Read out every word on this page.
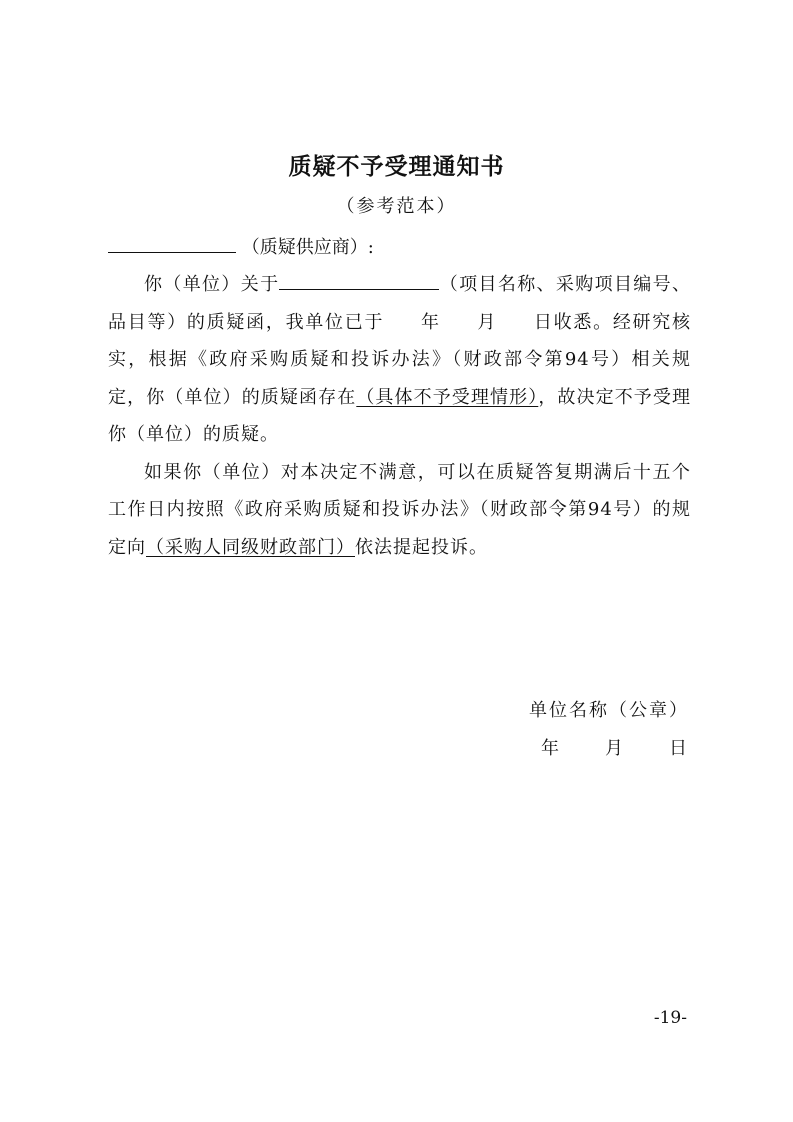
质疑不予受理通知书
（参考范本）
（质疑供应商）:

你（单位）关于	（项目名称、采购项目编号、品目等）的质疑函，我单位已于 年 月 日收悉。经研究核实，根据《政府采购质疑和投诉办法》（财政部令第94号）相关规定，你（单位）的质疑函存在（具体不予受理情形），故决定不予受理你（单位）的质疑。

如果你（单位）对本决定不满意，可以在质疑答复期满后十五个工作日内按照《政府采购质疑和投诉办法》（财政部令第94号）的规定向（采购人同级财政部门）依法提起投诉。

单位名称（公章）
年 月 日
-19-
